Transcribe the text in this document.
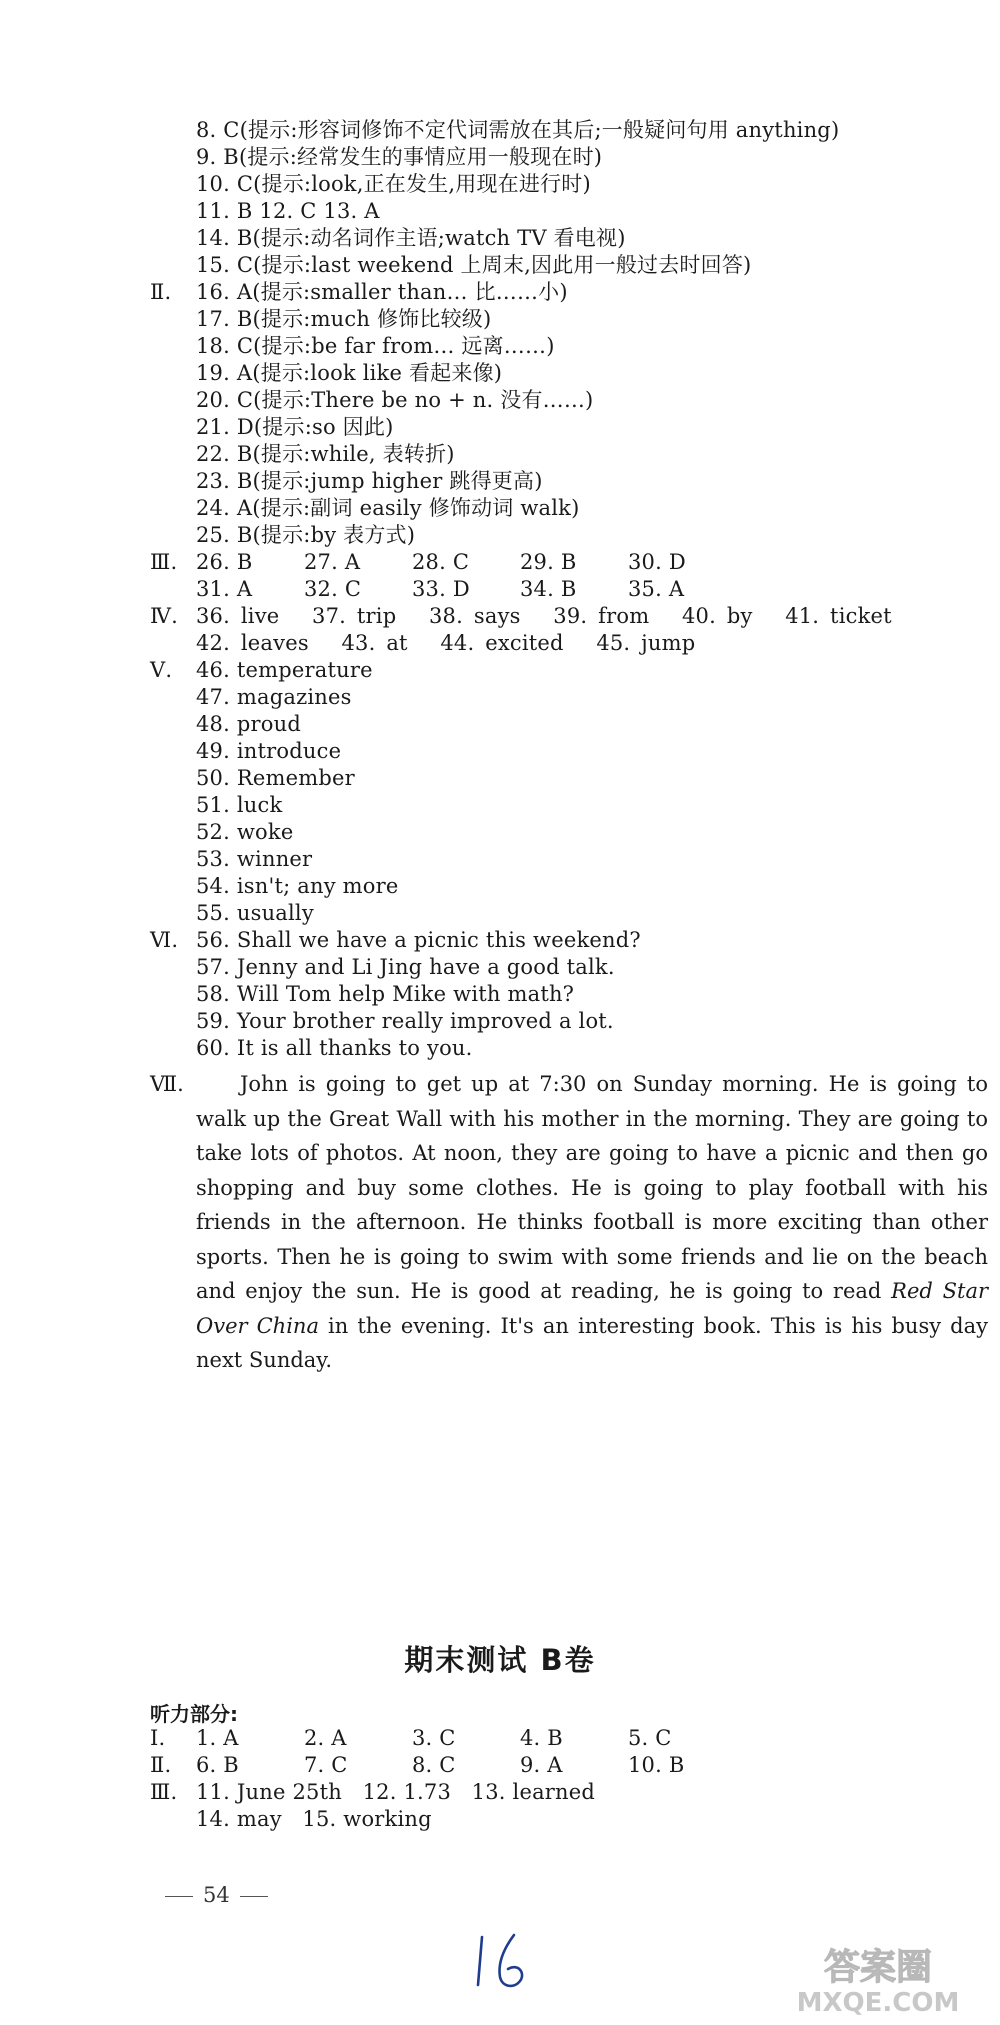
8. C(提示:形容词修饰不定代词需放在其后;一般疑问句用 anything)
9. B(提示:经常发生的事情应用一般现在时)
10. C(提示:look,正在发生,用现在进行时)
11. B 12. C 13. A
14. B(提示:动名词作主语;watch TV 看电视)
15. C(提示:last weekend 上周末,因此用一般过去时回答)
Ⅱ. 16. A(提示:smaller than… 比……小)
17. B(提示:much 修饰比较级)
18. C(提示:be far from… 远离……)
19. A(提示:look like 看起来像)
20. C(提示:There be no + n. 没有……)
21. D(提示:so 因此)
22. B(提示:while, 表转折)
23. B(提示:jump higher 跳得更高)
24. A(提示:副词 easily 修饰动词 walk)
25. B(提示:by 表方式)
Ⅲ. 26. B 27. A 28. C 29. B 30. D
31. A 32. C 33. D 34. B 35. A
Ⅳ. 36. live 37. trip 38. says 39. from 40. by 41. ticket
42. leaves 43. at 44. excited 45. jump
Ⅴ. 46. temperature
47. magazines
48. proud
49. introduce
50. Remember
51. luck
52. woke
53. winner
54. isn't; any more
55. usually
Ⅵ. 56. Shall we have a picnic this weekend?
57. Jenny and Li Jing have a good talk.
58. Will Tom help Mike with math?
59. Your brother really improved a lot.
60. It is all thanks to you.
Ⅶ.	John is going to get up at 7:30 on Sunday morning. He is going to walk up the Great Wall with his mother in the morning. They are going to take lots of photos. At noon, they are going to have a picnic and then go shopping and buy some clothes. He is going to play football with his friends in the afternoon. He thinks football is more exciting than other sports. Then he is going to swim with some friends and lie on the beach and enjoy the sun. He is good at reading, he is going to read Red Star Over China in the evening. It's an interesting book. This is his busy day next Sunday.
期末测试 B卷
听力部分:
Ⅰ. 1. A	2. A	3. C	4. B	5. C
Ⅱ. 6. B	7. C	8. C	9. A	10. B
Ⅲ. 11. June 25th 12. 1.73 13. learned
14. may 15. working
54
答案圈
MXQE.COM
